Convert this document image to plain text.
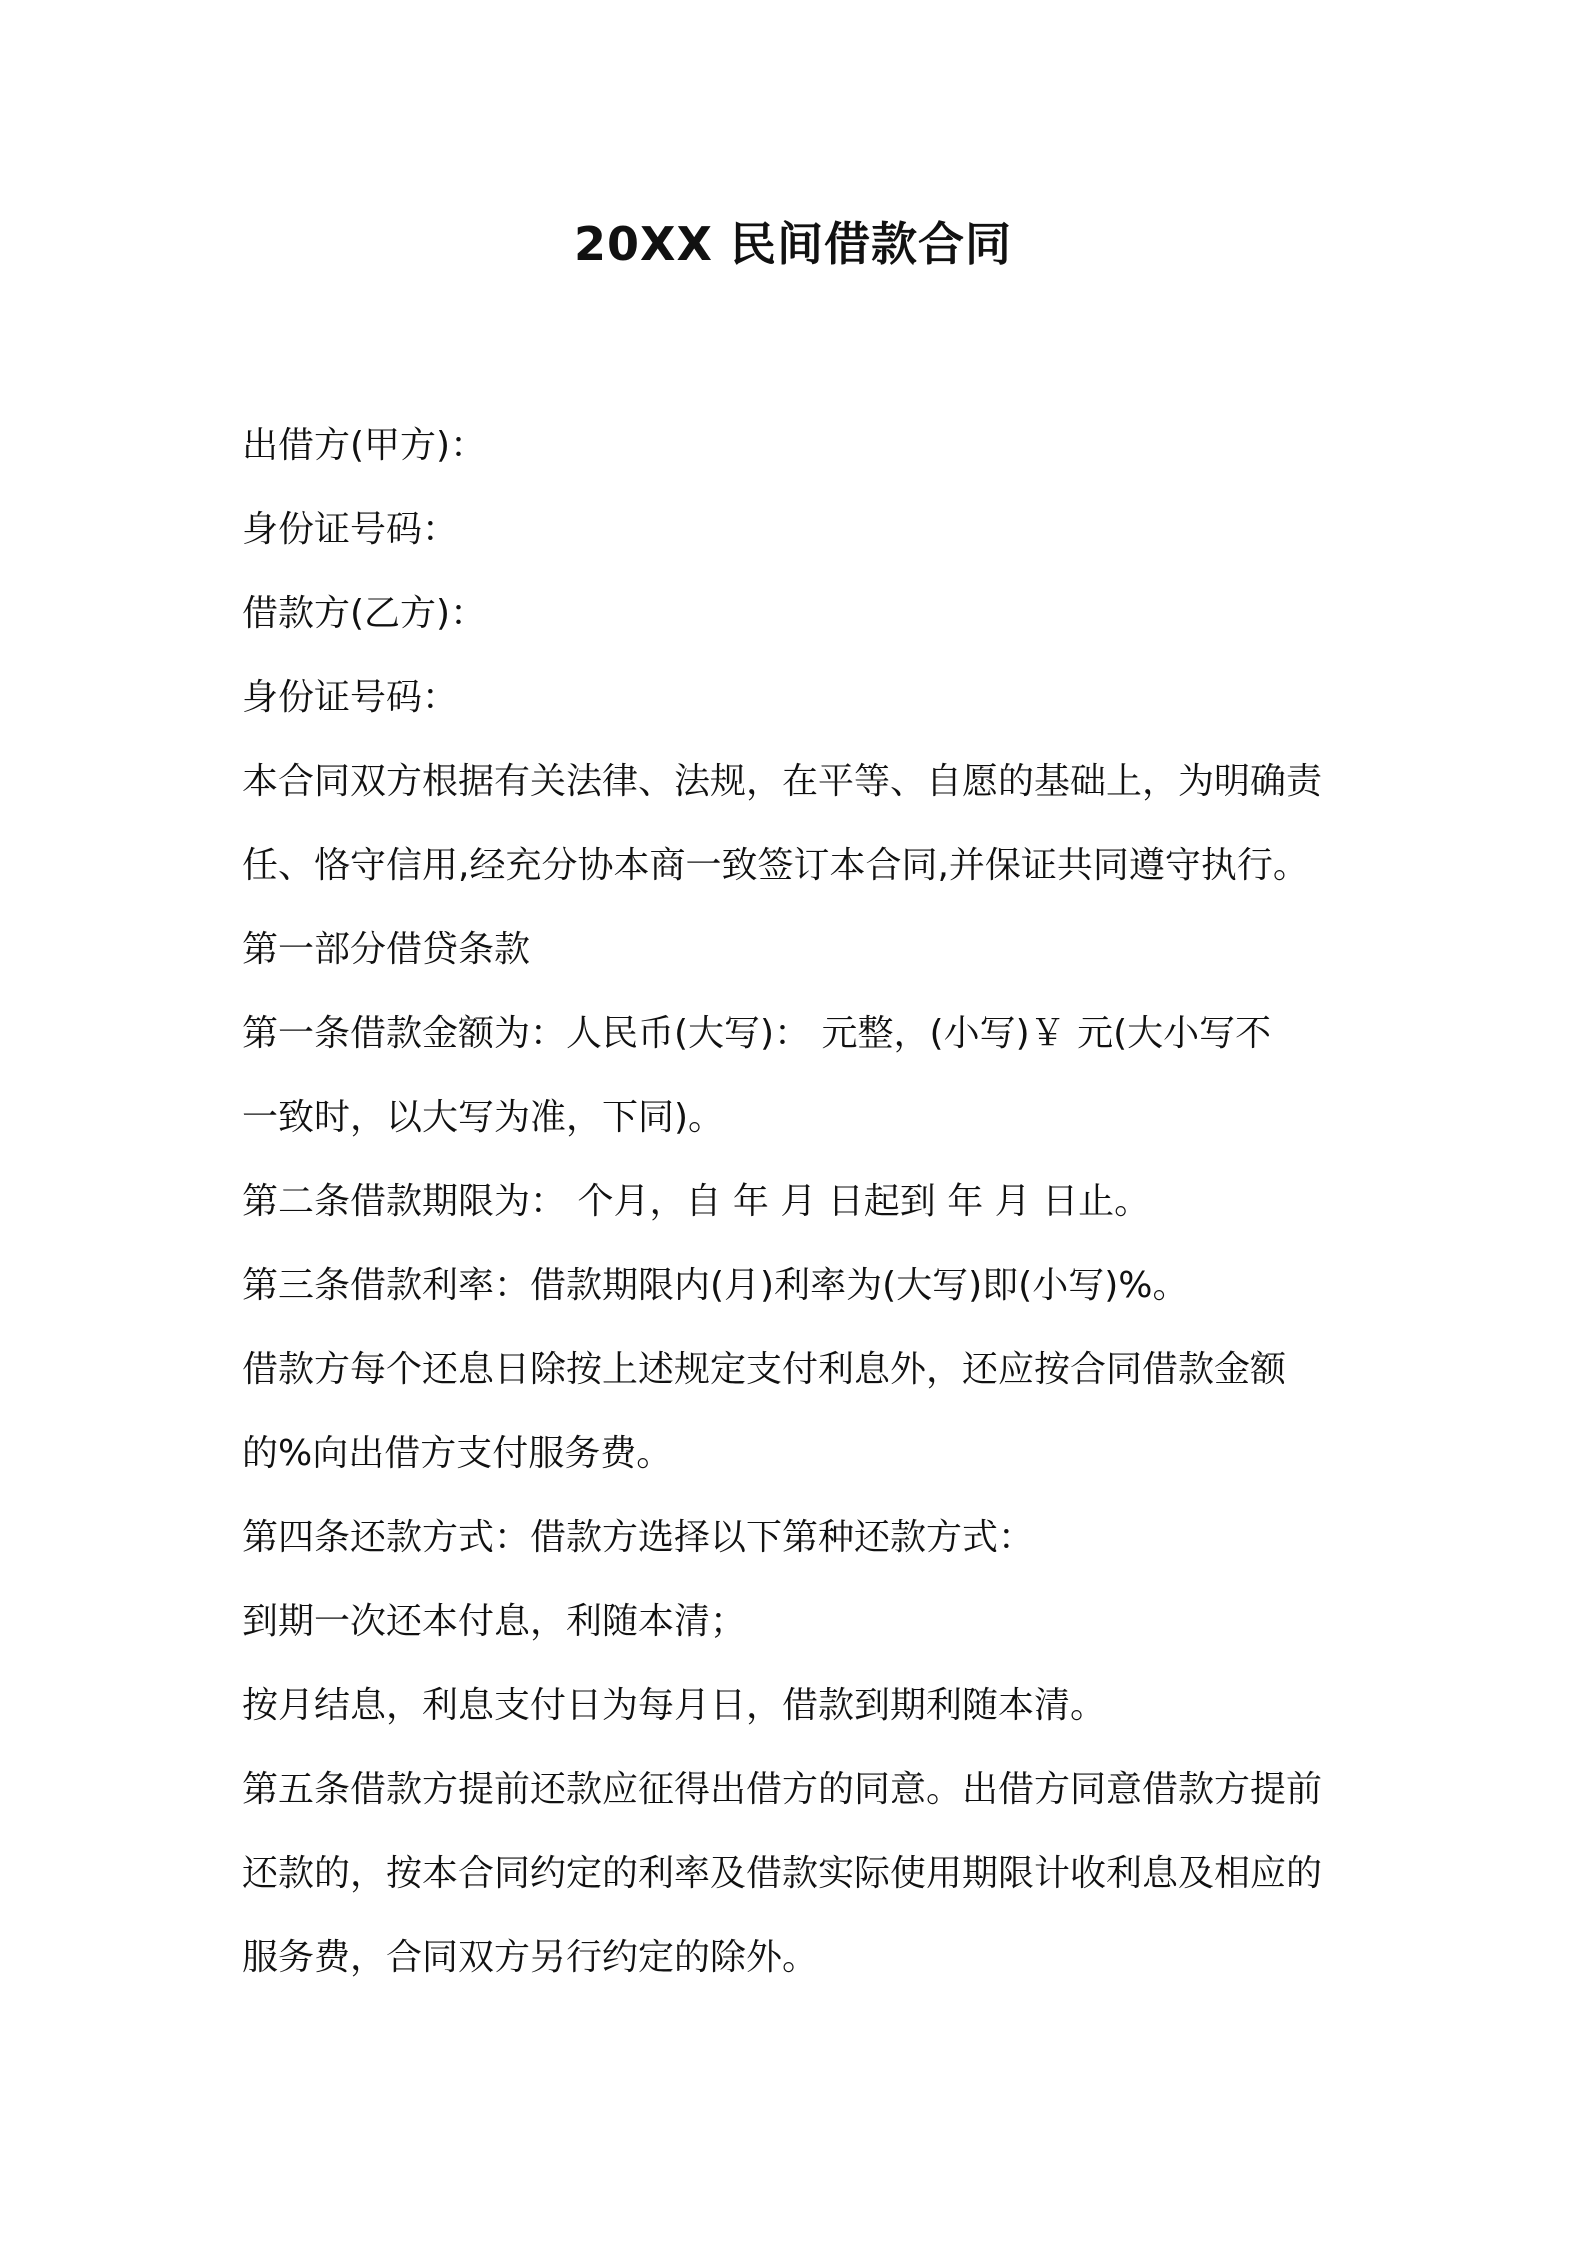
20XX 民间借款合同
出借方(甲方)：
身份证号码：
借款方(乙方)：
身份证号码：
本合同双方根据有关法律、法规，在平等、自愿的基础上，为明确责
任、恪守信用,经充分协本商一致签订本合同,并保证共同遵守执行。
第一部分借贷条款
第一条借款金额为：人民币(大写)： 元整，(小写)￥ 元(大小写不
一致时，以大写为准，下同)。
第二条借款期限为： 个月，自 年 月 日起到 年 月 日止。
第三条借款利率：借款期限内(月)利率为(大写)即(小写)%。
借款方每个还息日除按上述规定支付利息外，还应按合同借款金额
的%向出借方支付服务费。
第四条还款方式：借款方选择以下第种还款方式：
到期一次还本付息，利随本清；
按月结息，利息支付日为每月日，借款到期利随本清。
第五条借款方提前还款应征得出借方的同意。出借方同意借款方提前
还款的，按本合同约定的利率及借款实际使用期限计收利息及相应的
服务费，合同双方另行约定的除外。
